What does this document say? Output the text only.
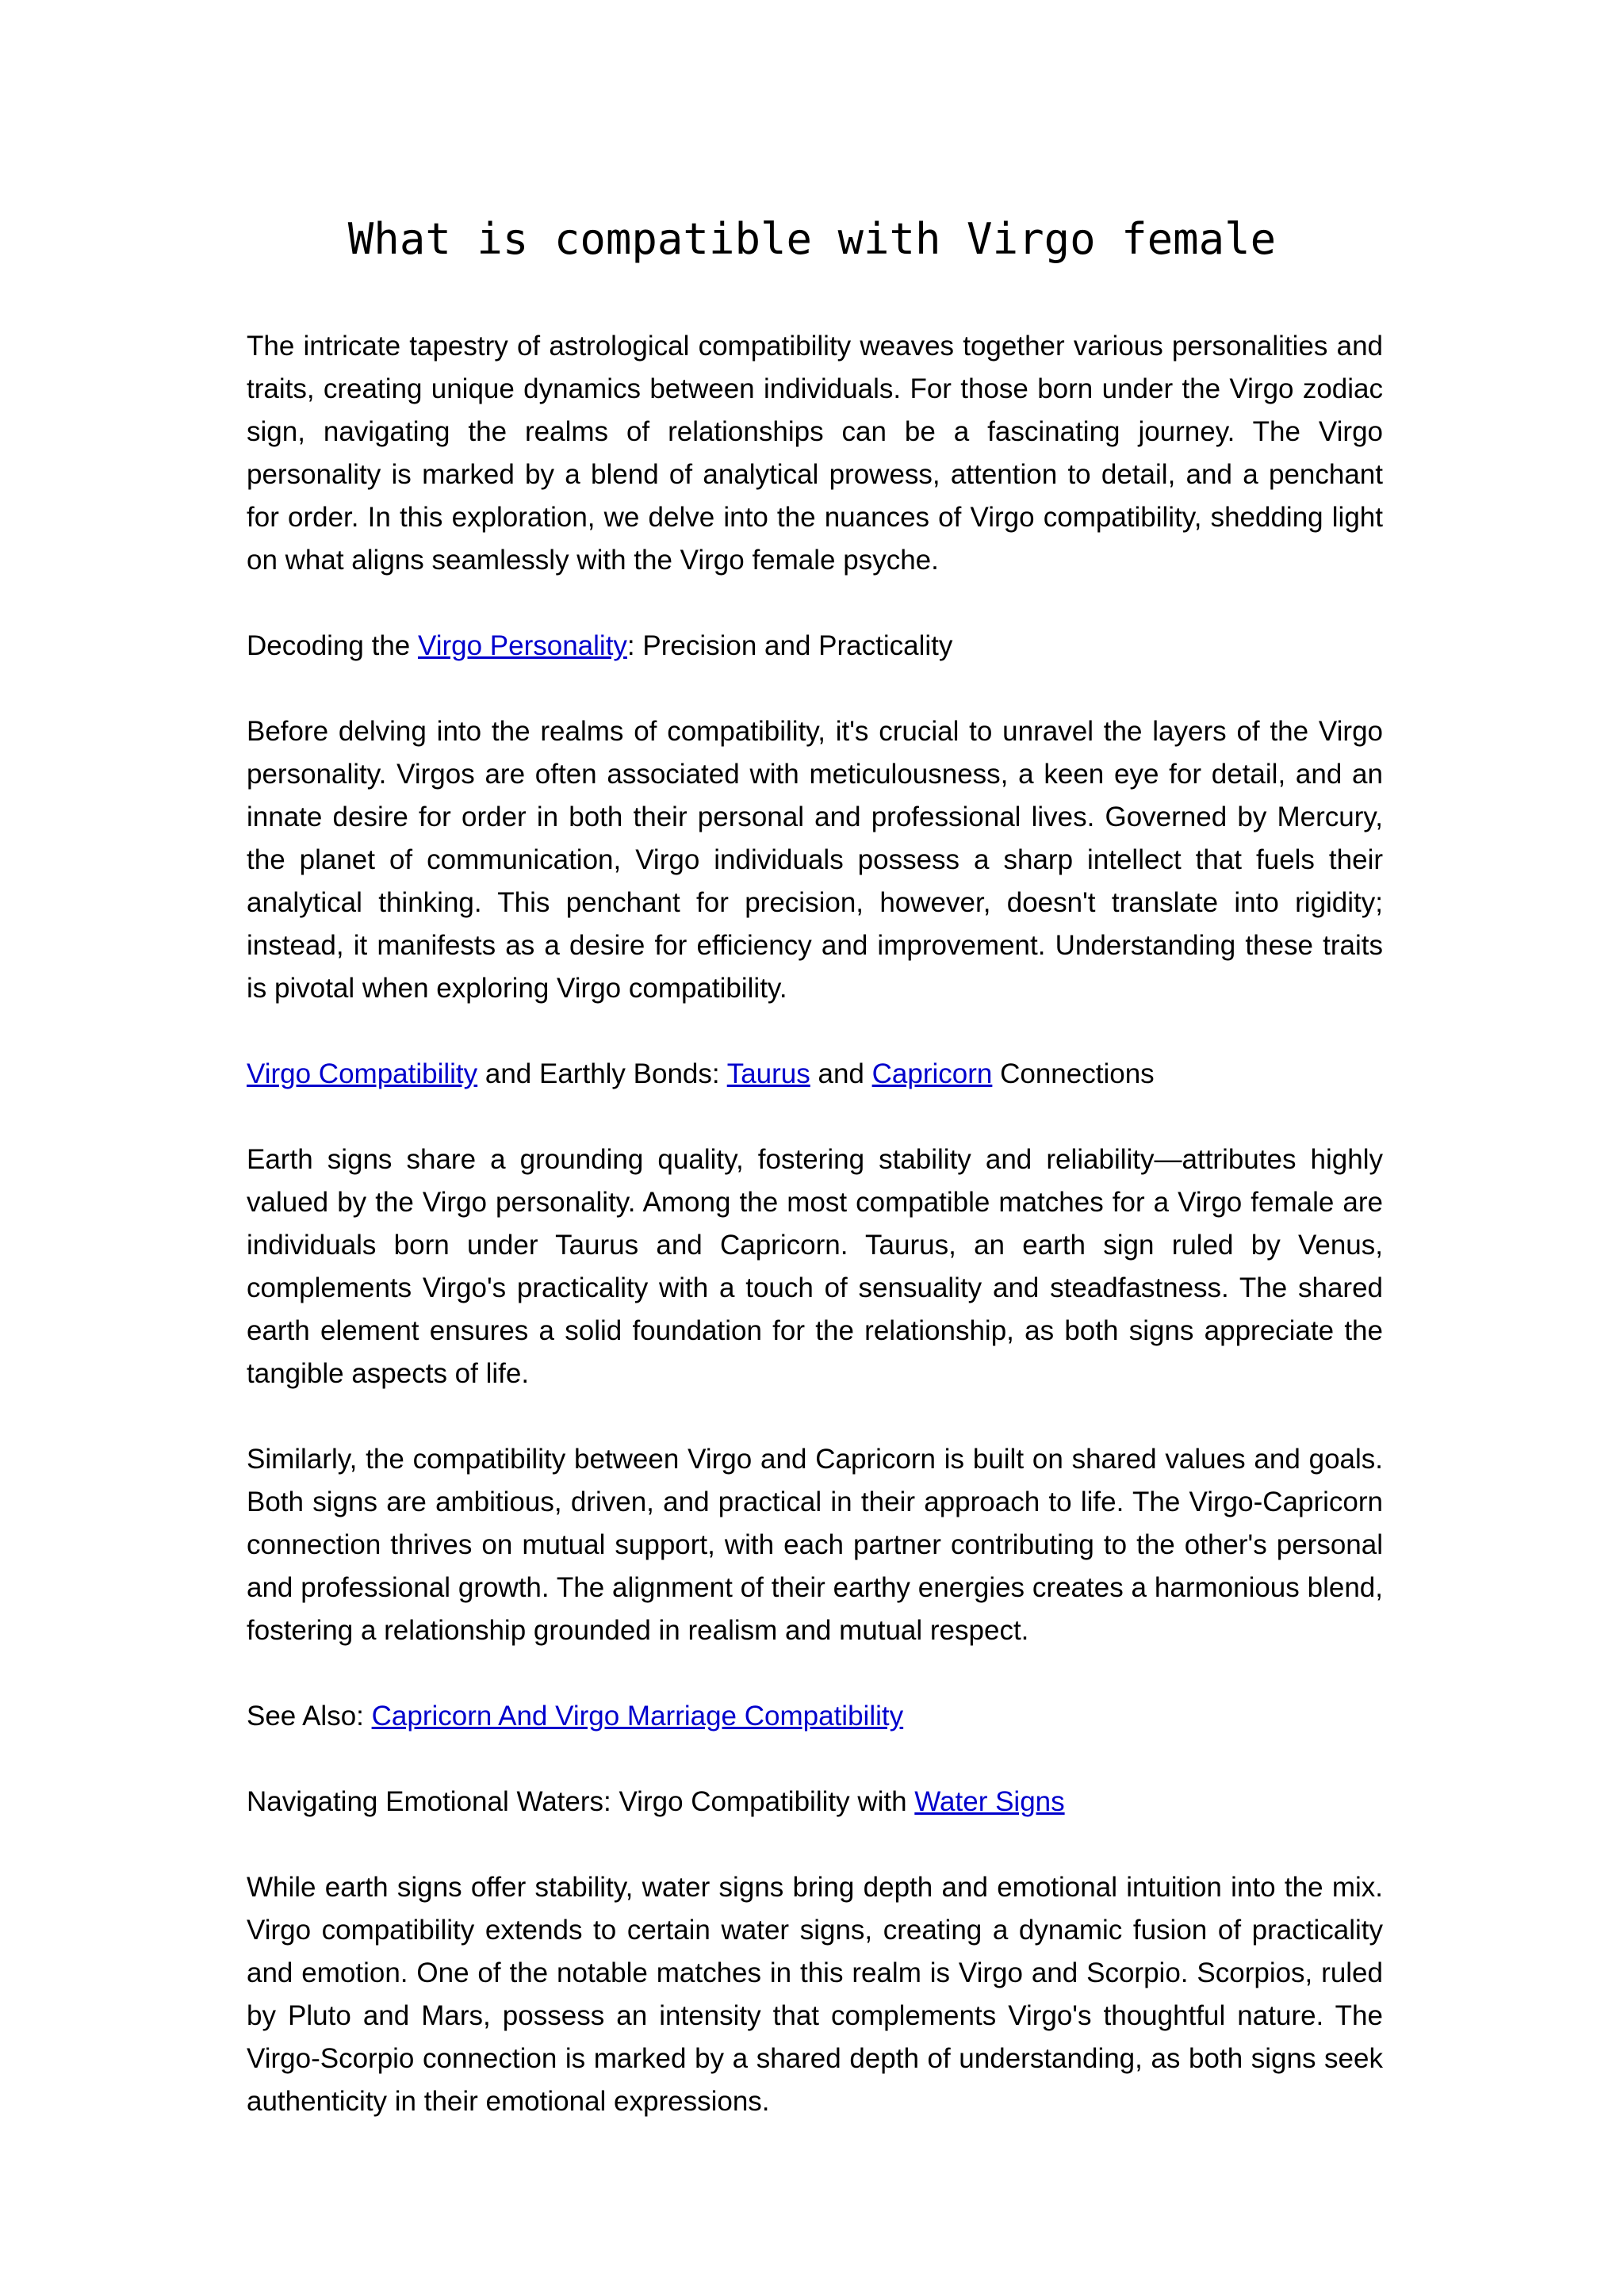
What is compatible with Virgo female

The intricate tapestry of astrological compatibility weaves together various personalities and traits, creating unique dynamics between individuals. For those born under the Virgo zodiac sign, navigating the realms of relationships can be a fascinating journey. The Virgo personality is marked by a blend of analytical prowess, attention to detail, and a penchant for order. In this exploration, we delve into the nuances of Virgo compatibility, shedding light on what aligns seamlessly with the Virgo female psyche.

Decoding the Virgo Personality: Precision and Practicality

Before delving into the realms of compatibility, it's crucial to unravel the layers of the Virgo personality. Virgos are often associated with meticulousness, a keen eye for detail, and an innate desire for order in both their personal and professional lives. Governed by Mercury, the planet of communication, Virgo individuals possess a sharp intellect that fuels their analytical thinking. This penchant for precision, however, doesn't translate into rigidity; instead, it manifests as a desire for efficiency and improvement. Understanding these traits is pivotal when exploring Virgo compatibility.

Virgo Compatibility and Earthly Bonds: Taurus and Capricorn Connections

Earth signs share a grounding quality, fostering stability and reliability—attributes highly valued by the Virgo personality. Among the most compatible matches for a Virgo female are individuals born under Taurus and Capricorn. Taurus, an earth sign ruled by Venus, complements Virgo's practicality with a touch of sensuality and steadfastness. The shared earth element ensures a solid foundation for the relationship, as both signs appreciate the tangible aspects of life.

Similarly, the compatibility between Virgo and Capricorn is built on shared values and goals. Both signs are ambitious, driven, and practical in their approach to life. The Virgo-Capricorn connection thrives on mutual support, with each partner contributing to the other's personal and professional growth. The alignment of their earthy energies creates a harmonious blend, fostering a relationship grounded in realism and mutual respect.

See Also: Capricorn And Virgo Marriage Compatibility

Navigating Emotional Waters: Virgo Compatibility with Water Signs

While earth signs offer stability, water signs bring depth and emotional intuition into the mix. Virgo compatibility extends to certain water signs, creating a dynamic fusion of practicality and emotion. One of the notable matches in this realm is Virgo and Scorpio. Scorpios, ruled by Pluto and Mars, possess an intensity that complements Virgo's thoughtful nature. The Virgo-Scorpio connection is marked by a shared depth of understanding, as both signs seek authenticity in their emotional expressions.
